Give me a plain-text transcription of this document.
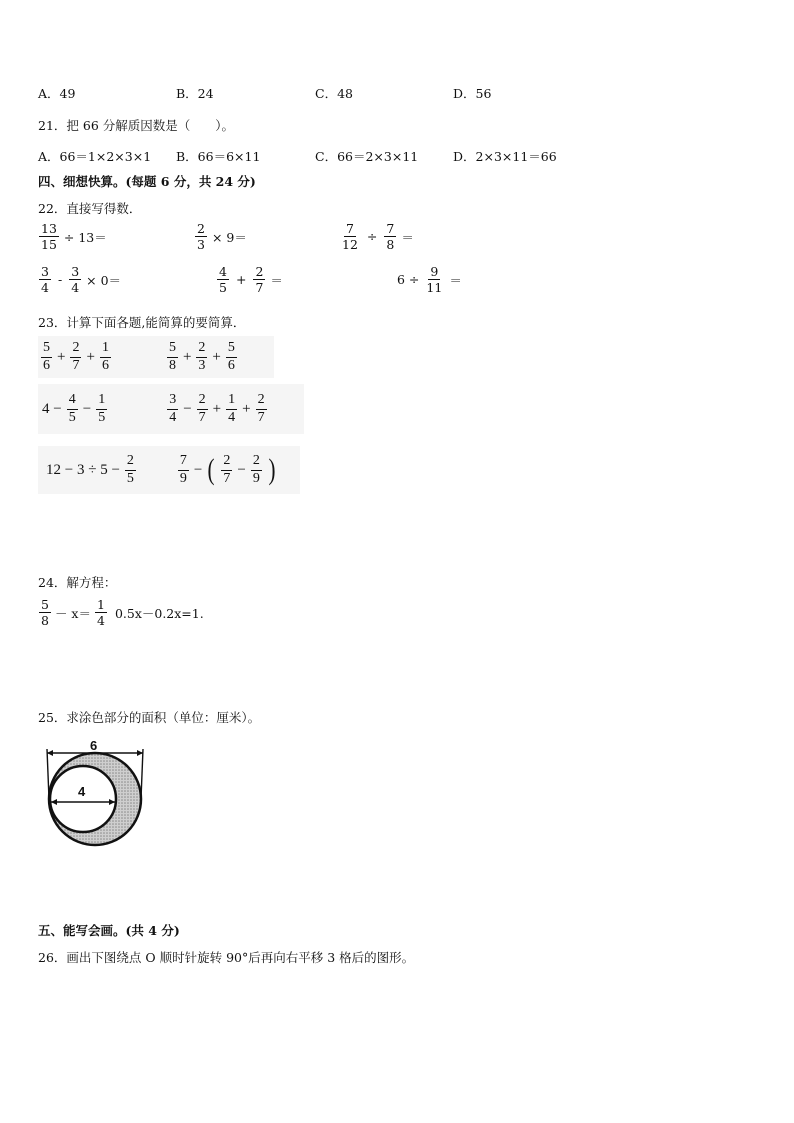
A．49	B．24	C．48	D．56
21．把 66 分解质因数是（　　）。
A．66＝1×2×3×1 B．66＝6×11	C．66＝2×3×11	D．2×3×11＝66
四、细想快算。(每题 6 分，共 24 分)
22．直接写得数．
$\frac{13}{15} \div 13=$	$\frac{2}{3} \times 9=$	$\frac{7}{12} \div \frac{7}{8}$ ＝
$\frac{3}{4} - \frac{3}{4} \times 0=$	$\frac{4}{5} + \frac{2}{7}$ ＝	$6 \div \frac{9}{11}$ ＝
23．计算下面各题,能简算的要简算．
$\frac{5}{6} + \frac{2}{7} + \frac{1}{6}$	$\frac{5}{8} + \frac{2}{3} + \frac{5}{6}$
$4 - \frac{4}{5} - \frac{1}{5}$	$\frac{3}{4} - \frac{2}{7} + \frac{1}{4} + \frac{2}{7}$
$12 - 3 \div 5 - \frac{2}{5}$	$\frac{7}{9}$ − ( $\frac{2}{7} - \frac{2}{9}$ )
24．解方程：
$\frac{5}{8} - x= \frac{1}{4} 0.5x-0.2x=1$.
25．求涂色部分的面积（单位：厘米）。
6
4
五、能写会画。(共 4 分)
26．画出下图绕点 O 顺时针旋转 90°后再向右平移 3 格后的图形。
